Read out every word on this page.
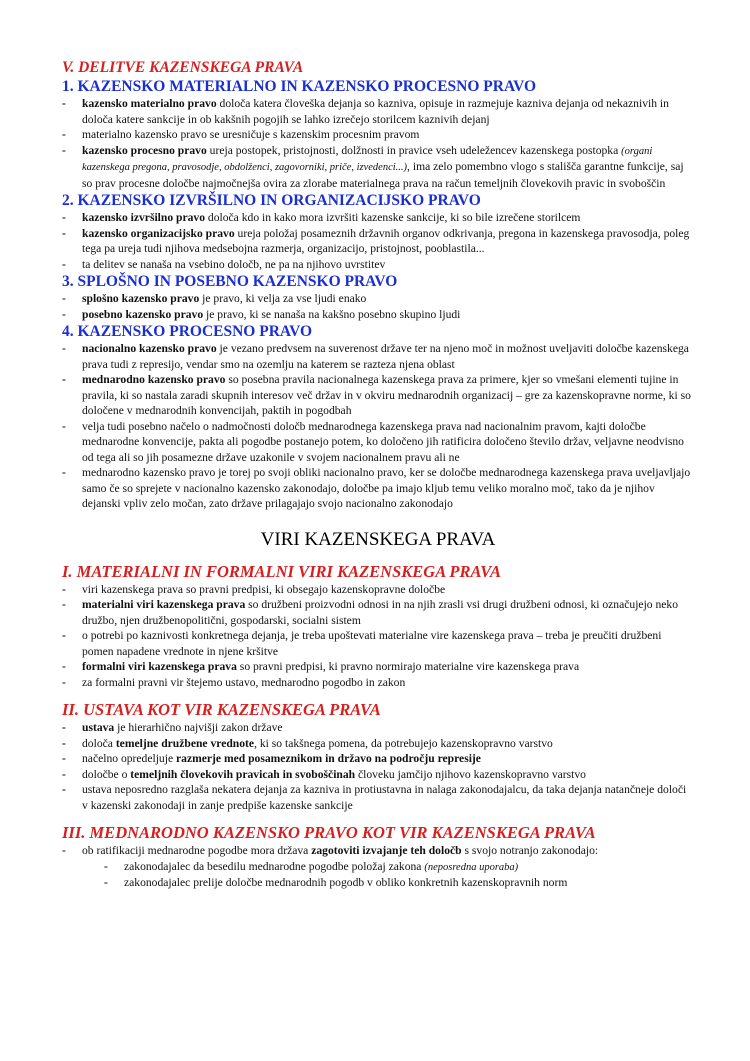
V. DELITVE KAZENSKEGA PRAVA
1. KAZENSKO MATERIALNO IN KAZENSKO PROCESNO PRAVO
- kazensko materialno pravo določa katera človeška dejanja so kazniva, opisuje in razmejuje kazniva dejanja od nekaznivih in določa katere sankcije in ob kakšnih pogojih se lahko izrečejo storilcem kaznivih dejanj
- materialno kazensko pravo se uresničuje s kazenskim procesnim pravom
- kazensko procesno pravo ureja postopek, pristojnosti, dolžnosti in pravice vseh udeležencev kazenskega postopka (organi kazenskega pregona, pravosodje, obdolženci, zagovorniki, priče, izvedenci...), ima zelo pomembno vlogo s stališča garantne funkcije, saj so prav procesne določbe najmočnejša ovira za zlorabe materialnega prava na račun temeljnih človekovih pravic in svoboščin
2. KAZENSKO IZVRŠILNO IN ORGANIZACIJSKO PRAVO
- kazensko izvršilno pravo določa kdo in kako mora izvršiti kazenske sankcije, ki so bile izrečene storilcem
- kazensko organizacijsko pravo ureja položaj posameznih državnih organov odkrivanja, pregona in kazenskega pravosodja, poleg tega pa ureja tudi njihova medsebojna razmerja, organizacijo, pristojnost, pooblastila...
- ta delitev se nanaša na vsebino določb, ne pa na njihovo uvrstitev
3. SPLOŠNO IN POSEBNO KAZENSKO PRAVO
- splošno kazensko pravo je pravo, ki velja za vse ljudi enako
- posebno kazensko pravo je pravo, ki se nanaša na kakšno posebno skupino ljudi
4. KAZENSKO PROCESNO PRAVO
- nacionalno kazensko pravo je vezano predvsem na suverenost države ter na njeno moč in možnost uveljaviti določbe kazenskega prava tudi z represijo, vendar smo na ozemlju na katerem se razteza njena oblast
- mednarodno kazensko pravo so posebna pravila nacionalnega kazenskega prava za primere, kjer so vmešani elementi tujine in pravila, ki so nastala zaradi skupnih interesov več držav in v okviru mednarodnih organizacij – gre za kazenskopravne norme, ki so določene v mednarodnih konvencijah, paktih in pogodbah
- velja tudi posebno načelo o nadmočnosti določb mednarodnega kazenskega prava nad nacionalnim pravom, kajti določbe mednarodne konvencije, pakta ali pogodbe postanejo potem, ko določeno jih ratificira določeno število držav, veljavne neodvisno od tega ali so jih posamezne države uzakonile v svojem nacionalnem pravu ali ne
- mednarodno kazensko pravo je torej po svoji obliki nacionalno pravo, ker se določbe mednarodnega kazenskega prava uveljavljajo samo če so sprejete v nacionalno kazensko zakonodajo, določbe pa imajo kljub temu veliko moralno moč, tako da je njihov dejanski vpliv zelo močan, zato države prilagajajo svojo nacionalno zakonodajo
VIRI KAZENSKEGA PRAVA
I. MATERIALNI IN FORMALNI VIRI KAZENSKEGA PRAVA
- viri kazenskega prava so pravni predpisi, ki obsegajo kazenskopravne določbe
- materialni viri kazenskega prava so družbeni proizvodni odnosi in na njih zrasli vsi drugi družbeni odnosi, ki označujejo neko družbo, njen družbenopolitični, gospodarski, socialni sistem
- o potrebi po kaznivosti konkretnega dejanja, je treba upoštevati materialne vire kazenskega prava – treba je preučiti družbeni pomen napadene vrednote in njene kršitve
- formalni viri kazenskega prava so pravni predpisi, ki pravno normirajo materialne vire kazenskega prava
- za formalni pravni vir štejemo ustavo, mednarodno pogodbo in zakon
II. USTAVA KOT VIR KAZENSKEGA PRAVA
- ustava je hierarhično najvišji zakon države
- določa temeljne družbene vrednote, ki so takšnega pomena, da potrebujejo kazenskopravno varstvo
- načelno opredeljuje razmerje med posameznikom in državo na področju represije
- določbe o temeljnih človekovih pravicah in svoboščinah človeku jamčijo njihovo kazenskopravno varstvo
- ustava neposredno razglaša nekatera dejanja za kazniva in protiustavna in nalaga zakonodajalcu, da taka dejanja natančneje določi v kazenski zakonodaji in zanje predpiše kazenske sankcije
III. MEDNARODNO KAZENSKO PRAVO KOT VIR KAZENSKEGA PRAVA
- ob ratifikaciji mednarodne pogodbe mora država zagotoviti izvajanje teh določb s svojo notranjo zakonodajo:
- zakonodajalec da besedilu mednarodne pogodbe položaj zakona (neposredna uporaba)
- zakonodajalec prelije določbe mednarodnih pogodb v obliko konkretnih kazenskopravnih norm
